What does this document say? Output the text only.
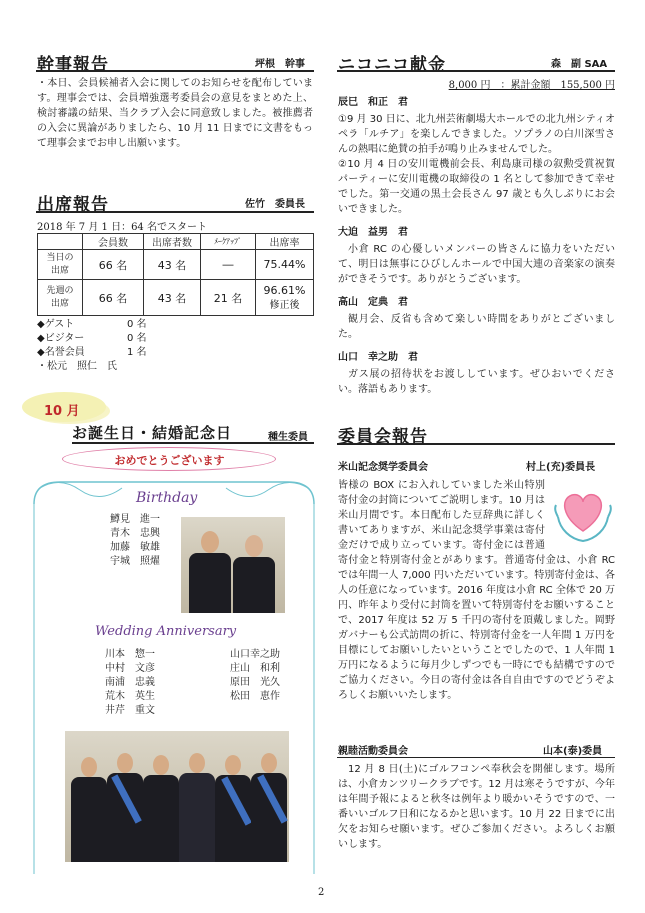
幹事報告	坪根　幹事
・本日、会員候補者入会に関してのお知らせを配布しています。理事会では、会員増強選考委員会の意見をまとめた上、検討審議の結果、当クラブ入会に同意致しました。被推薦者の入会に異論がありましたら、10 月 11 日までに文書をもって理事会までお申し出願います。
出席報告	佐竹　委員長
2018 年 7 月 1 日：64 名でスタート
	会員数	出席者数	ﾒｰｸｱｯﾌﾟ	出席率
当日の出席	66 名	43 名	―	75.44%
先週の出席	66 名	43 名	21 名	96.61%
修正後
◆ゲスト	0 名
◆ビジター	0 名
◆名誉会員	1 名
・松元　照仁　氏
10 月
お誕生日・結婚記念日	種生委員
おめでとうございます
Birthday
鱒見　進一
青木　忠興
加藤　敏雄
宇城　照燿
Wedding Anniversary
川本　惣一
中村　文彦
南浦　忠義
荒木　英生
井芹　重文
山口幸之助
庄山　和利
原田　光久
松田　恵作
ニコニコ献金	森　副 SAA
8,000 円　：累計金額　155,500 円
辰巳　和正　君
①9 月 30 日に、北九州芸術劇場大ホールでの北九州シティオペラ「ルチア」を楽しんできました。ソプラノの白川深雪さんの熱唱に絶賛の拍手が鳴り止みませんでした。
②10 月 4 日の安川電機前会長、利島康司様の叙勲受賞祝賀パーティーに安川電機の取締役の 1 名として参加できて幸せでした。第一交通の黒土会長さん 97 歳とも久しぶりにお会いできました。
大迫　益男　君
小倉 RC の心優しいメンバーの皆さんに協力をいただいて、明日は無事にひびしんホールで中国大連の音楽家の演奏ができそうです。ありがとうございます。
高山　定典　君
観月会、反省も含めて楽しい時間をありがとございました。
山口　幸之助　君
ガス展の招待状をお渡ししています。ぜひおいでください。落語もあります。
委員会報告
米山記念奨学委員会	村上(充)委員長
皆様の BOX にお入れしていました米山特別寄付金の封筒についてご説明します。10 月は米山月間です。本日配布した豆辞典に詳しく書いてありますが、米山記念奨学事業は寄付金だけで成り立っています。寄付金には普通寄付金と特別寄付金とがあります。普通寄付金は、小倉 RC では年間一人 7,000 円いただいています。特別寄付金は、各人の任意になっています。2016 年度は小倉 RC 全体で 20 万円、昨年より受付に封筒を置いて特別寄付をお願いすることで、2017 年度は 52 万 5 千円の寄付を頂戴しました。岡野ガバナーも公式訪問の折に、特別寄付金を一人年間 1 万円を目標にしてお願いしたいということでしたので、1 人年間 1 万円になるように毎月少しずつでも一時にでも結構ですのでご協力ください。今日の寄付金は各自自由ですのでどうぞよろしくお願いいたします。
親睦活動委員会	山本(泰)委員
12 月 8 日(土)にゴルフコンペ奉秋会を開催します。場所は、小倉カンツリークラブです。12 月は寒そうですが、今年は年間予報によると秋冬は例年より暖かいそうですので、一番いいゴルフ日和になるかと思います。10 月 22 日までに出欠をお知らせ願います。ぜひご参加ください。よろしくお願いします。
2
